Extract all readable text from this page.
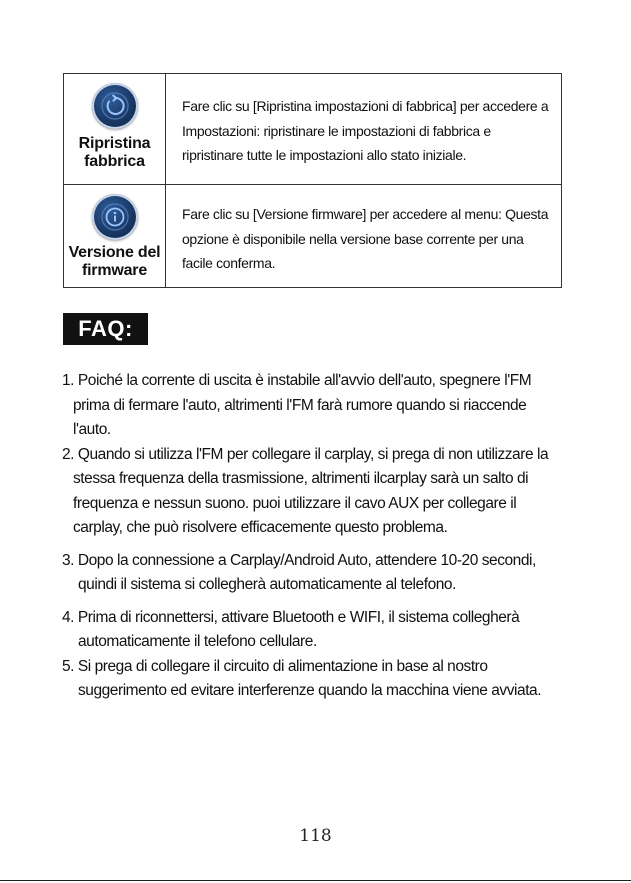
Ripristina fabbrica
Fare clic su [Ripristina impostazioni di fabbrica] per accedere a Impostazioni: ripristinare le impostazioni di fabbrica e ripristinare tutte le impostazioni allo stato iniziale.
Versione del firmware
Fare clic su [Versione firmware] per accedere al menu: Questa opzione è disponibile nella versione base corrente per una facile conferma.
FAQ:
1. Poiché la corrente di uscita è instabile all'avvio dell'auto, spegnere l'FM prima di fermare l'auto, altrimenti l'FM farà rumore quando si riaccende l'auto.
2. Quando si utilizza l'FM per collegare il carplay, si prega di non utilizzare la stessa frequenza della trasmissione, altrimenti ilcarplay sarà un salto di frequenza e nessun suono. puoi utilizzare il cavo AUX per collegare il carplay, che può risolvere efficacemente questo problema.
3. Dopo la connessione a Carplay/Android Auto, attendere 10-20 secondi, quindi il sistema si collegherà automaticamente al telefono.
4. Prima di riconnettersi, attivare Bluetooth e WIFI, il sistema collegherà automaticamente il telefono cellulare.
5. Si prega di collegare il circuito di alimentazione in base al nostro suggerimento ed evitare interferenze quando la macchina viene avviata.
118
